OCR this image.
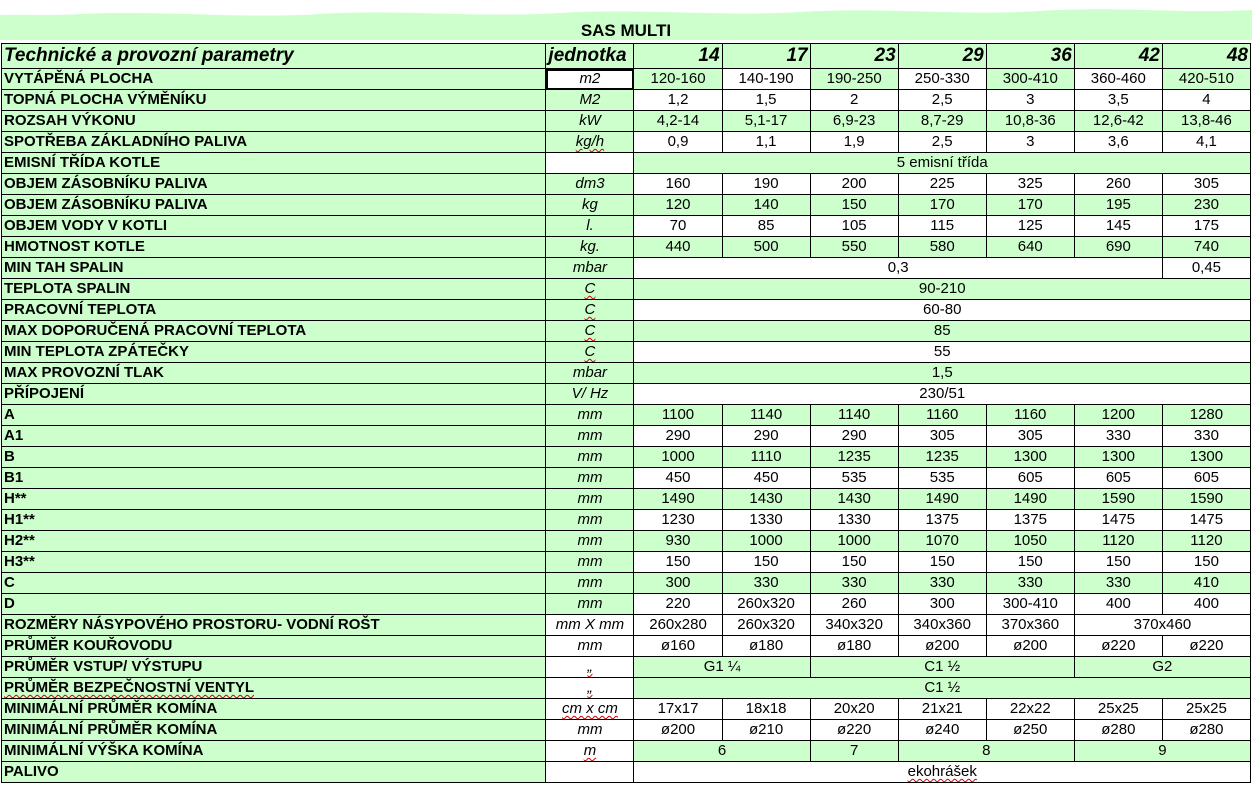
SAS MULTI
Technické a provozní parametry	jednotka	14	17	23	29	36	42	48
VYTÁPĚNÁ PLOCHA	m2	120-160	140-190	190-250	250-330	300-410	360-460	420-510
TOPNÁ PLOCHA VÝMĚNÍKU	M2	1,2	1,5	2	2,5	3	3,5	4
ROZSAH VÝKONU	kW	4,2-14	5,1-17	6,9-23	8,7-29	10,8-36	12,6-42	13,8-46
SPOTŘEBA ZÁKLADNÍHO PALIVA	kg/h	0,9	1,1	1,9	2,5	3	3,6	4,1
EMISNÍ TŘÍDA KOTLE		5 emisní třída						
OBJEM ZÁSOBNÍKU PALIVA	dm3	160	190	200	225	325	260	305
OBJEM ZÁSOBNÍKU PALIVA	kg	120	140	150	170	170	195	230
OBJEM VODY V KOTLI	l.	70	85	105	115	125	145	175
HMOTNOST KOTLE	kg.	440	500	550	580	640	690	740
MIN TAH SPALIN	mbar	0,3						0,45
TEPLOTA SPALIN	C	90-210						
PRACOVNÍ TEPLOTA	C	60-80						
MAX DOPORUČENÁ PRACOVNÍ TEPLOTA	C	85						
MIN TEPLOTA ZPÁTEČKY	C	55						
MAX PROVOZNÍ TLAK	mbar	1,5						
PŘÍPOJENÍ	V/ Hz	230/51						
A	mm	1100	1140	1140	1160	1160	1200	1280
A1	mm	290	290	290	305	305	330	330
B	mm	1000	1110	1235	1235	1300	1300	1300
B1	mm	450	450	535	535	605	605	605
H**	mm	1490	1430	1430	1490	1490	1590	1590
H1**	mm	1230	1330	1330	1375	1375	1475	1475
H2**	mm	930	1000	1000	1070	1050	1120	1120
H3**	mm	150	150	150	150	150	150	150
C	mm	300	330	330	330	330	330	410
D	mm	220	260x320	260	300	300-410	400	400
ROZMĚRY NÁSYPOVÉHO PROSTORU- VODNÍ ROŠT	mm X mm	260x280	260x320	340x320	340x360	370x360	370x460	
PRŮMĚR KOUŘOVODU	mm	ø160	ø180	ø180	ø200	ø200	ø220	ø220
PRŮMĚR VSTUP/ VÝSTUPU	„	G1 ¼		C1 ½			G2	
PRŮMĚR BEZPEČNOSTNÍ VENTYL	„	C1 ½						
MINIMÁLNÍ PRŮMĚR KOMÍNA	cm x cm	17x17	18x18	20x20	21x21	22x22	25x25	25x25
MINIMÁLNÍ PRŮMĚR KOMÍNA	mm	ø200	ø210	ø220	ø240	ø250	ø280	ø280
MINIMÁLNÍ VÝŠKA KOMÍNA	m	6		7	8		9	
PALIVO		ekohrášek						
